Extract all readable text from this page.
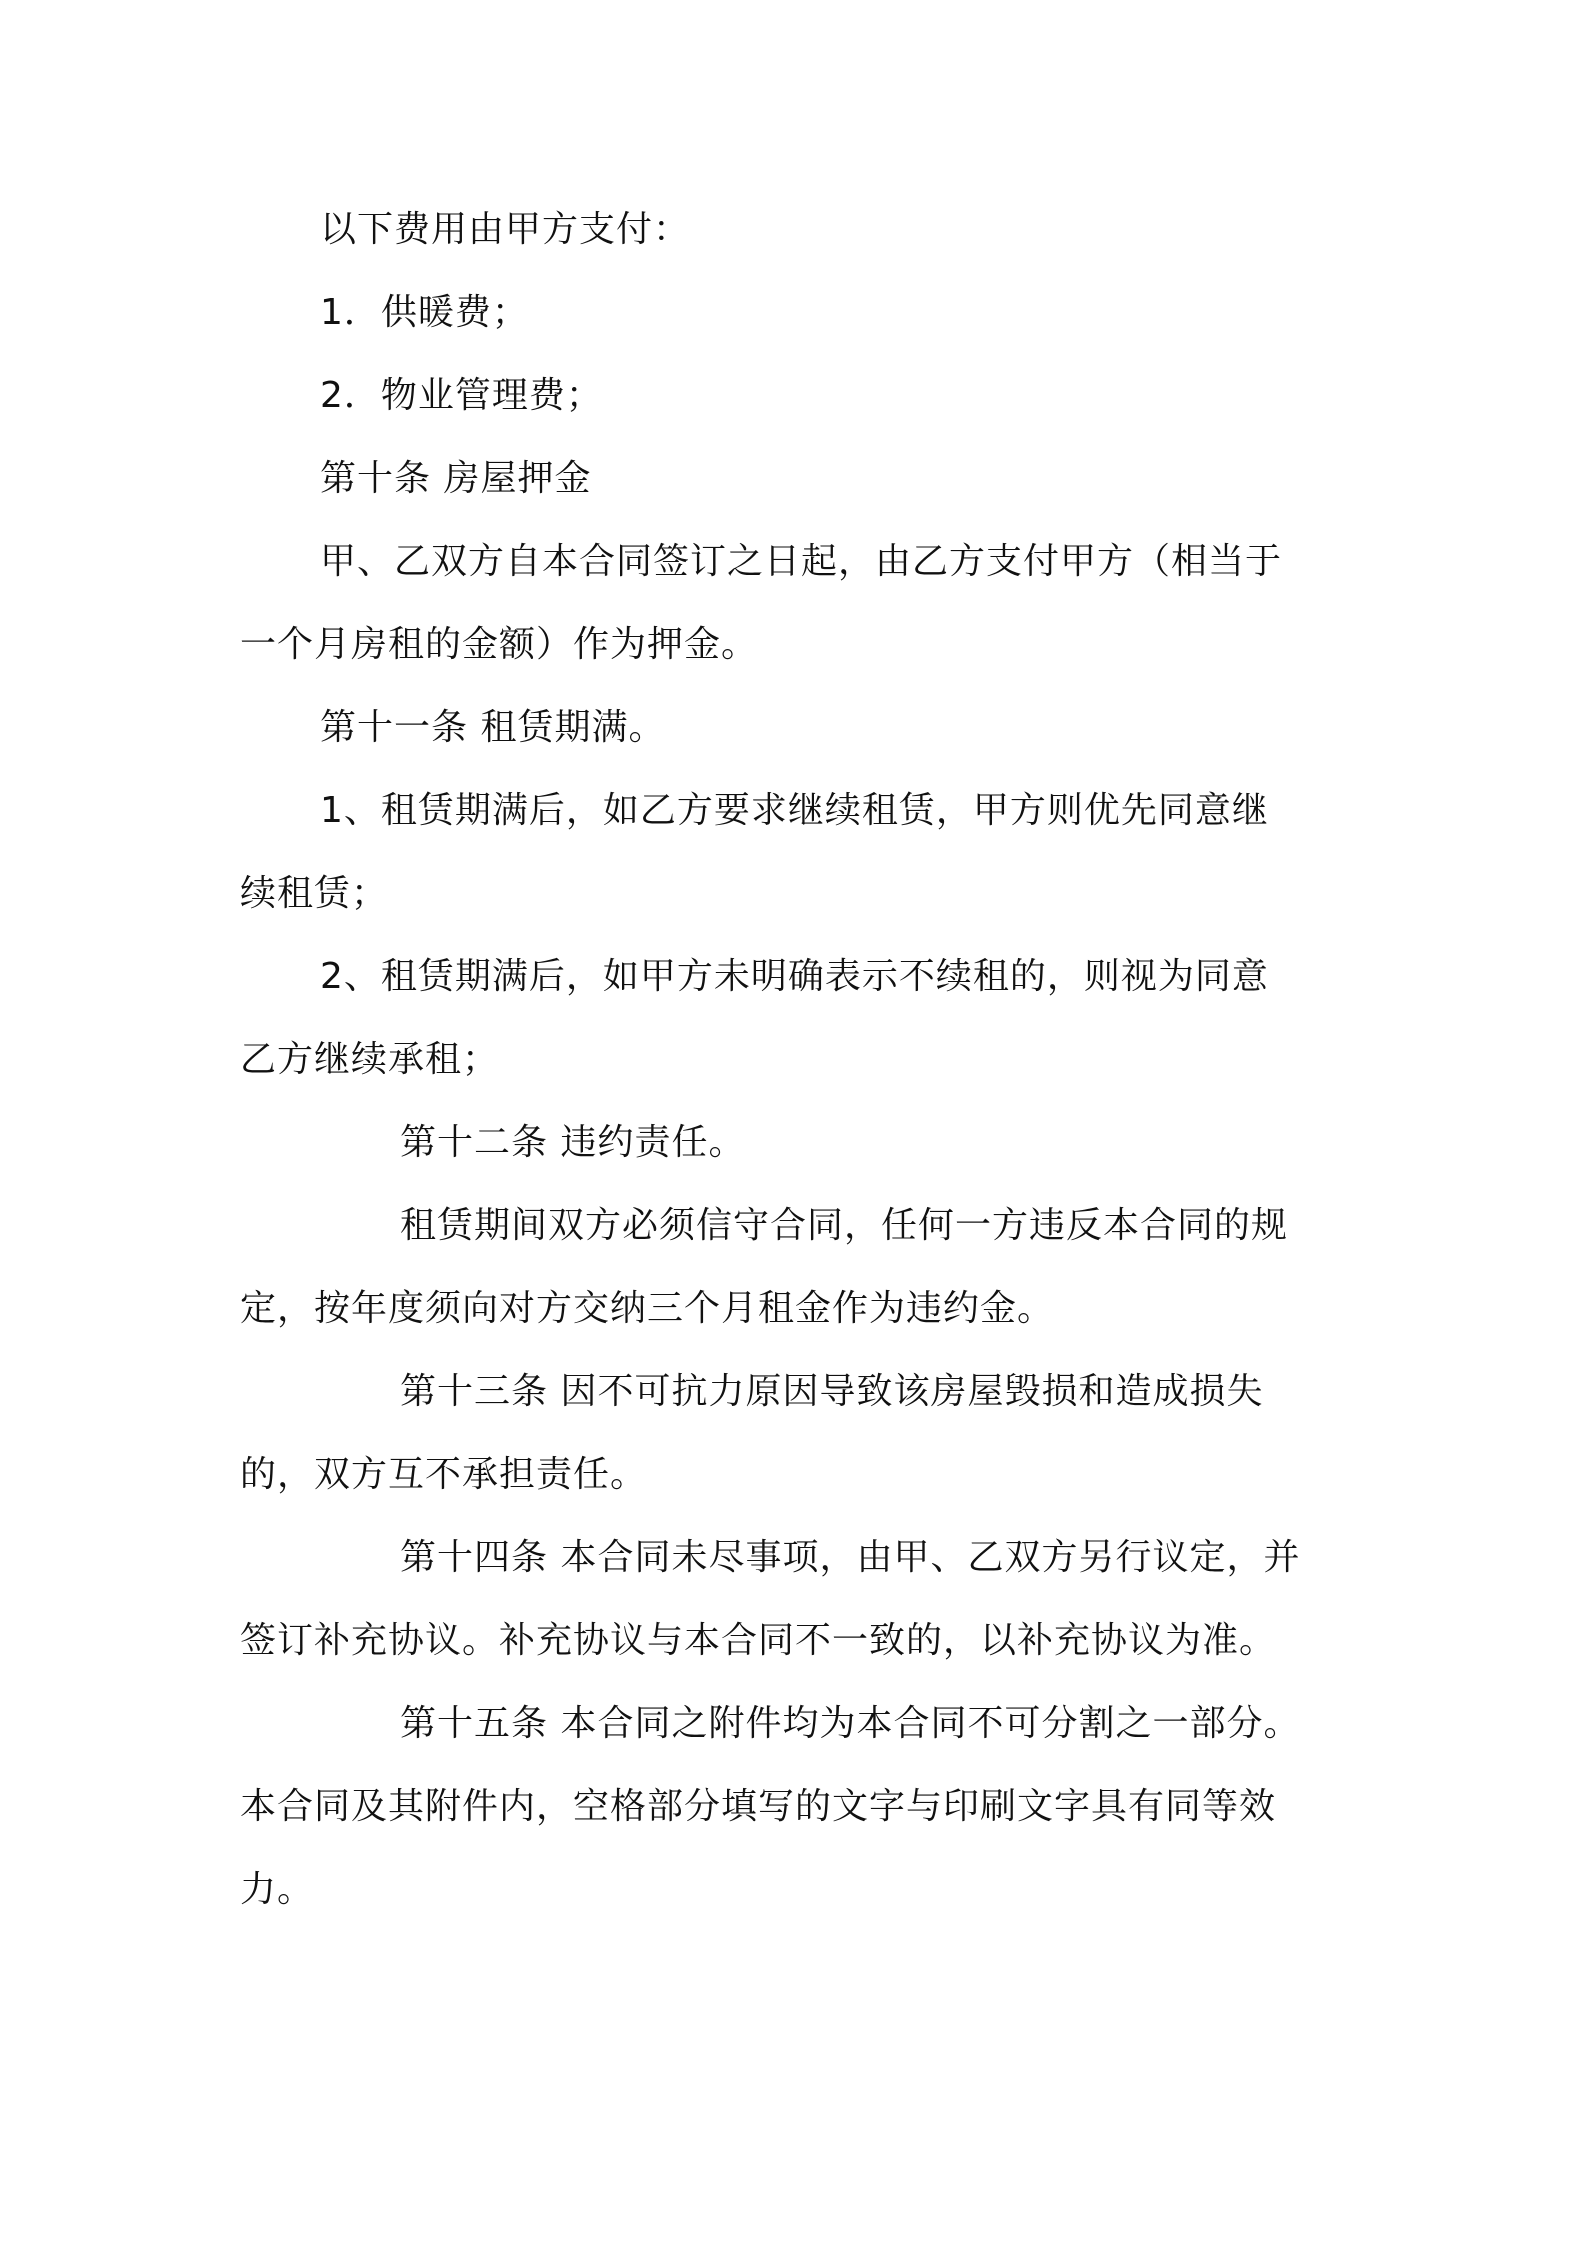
以下费用由甲方支付：
1．供暖费；
2．物业管理费；
第十条 房屋押金
甲、乙双方自本合同签订之日起，由乙方支付甲方（相当于
一个月房租的金额）作为押金。
第十一条 租赁期满。
1、租赁期满后，如乙方要求继续租赁，甲方则优先同意继
续租赁；
2、租赁期满后，如甲方未明确表示不续租的，则视为同意
乙方继续承租；
第十二条 违约责任。
租赁期间双方必须信守合同，任何一方违反本合同的规
定，按年度须向对方交纳三个月租金作为违约金。
第十三条 因不可抗力原因导致该房屋毁损和造成损失
的，双方互不承担责任。
第十四条 本合同未尽事项，由甲、乙双方另行议定，并
签订补充协议。补充协议与本合同不一致的，以补充协议为准。
第十五条 本合同之附件均为本合同不可分割之一部分。
本合同及其附件内，空格部分填写的文字与印刷文字具有同等效
力。
